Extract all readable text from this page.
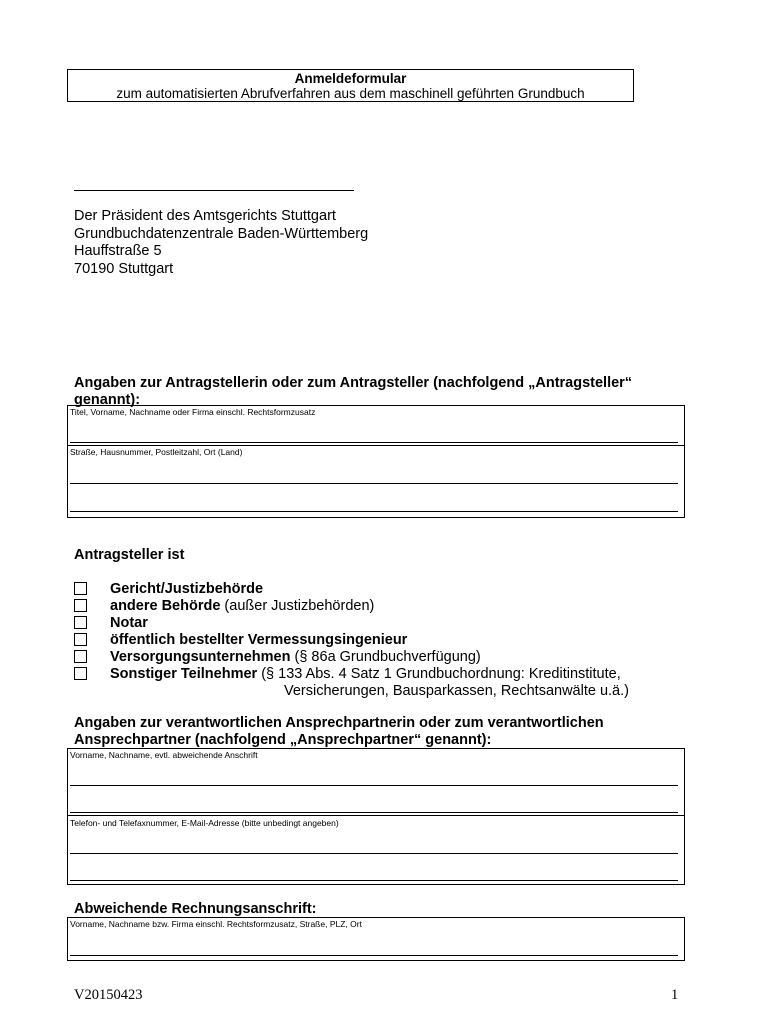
Anmeldeformular
zum automatisierten Abrufverfahren aus dem maschinell geführten Grundbuch
Der Präsident des Amtsgerichts Stuttgart
Grundbuchdatenzentrale Baden-Württemberg
Hauffstraße 5
70190 Stuttgart
Angaben zur Antragstellerin oder zum Antragsteller (nachfolgend „Antragsteller“
genannt):
Titel, Vorname, Nachname oder Firma einschl. Rechtsformzusatz
Straße, Hausnummer, Postleitzahl, Ort (Land)
Antragsteller ist
Gericht/Justizbehörde
andere Behörde (außer Justizbehörden)
Notar
öffentlich bestellter Vermessungsingenieur
Versorgungsunternehmen (§ 86a Grundbuchverfügung)
Sonstiger Teilnehmer (§ 133 Abs. 4 Satz 1 Grundbuchordnung: Kreditinstitute,
Versicherungen, Bausparkassen, Rechtsanwälte u.ä.)
Angaben zur verantwortlichen Ansprechpartnerin oder zum verantwortlichen
Ansprechpartner (nachfolgend „Ansprechpartner“ genannt):
Vorname, Nachname, evtl. abweichende Anschrift
Telefon- und Telefaxnummer, E-Mail-Adresse (bitte unbedingt angeben)
Abweichende Rechnungsanschrift:
Vorname, Nachname bzw. Firma einschl. Rechtsformzusatz, Straße, PLZ, Ort
V20150423	1
